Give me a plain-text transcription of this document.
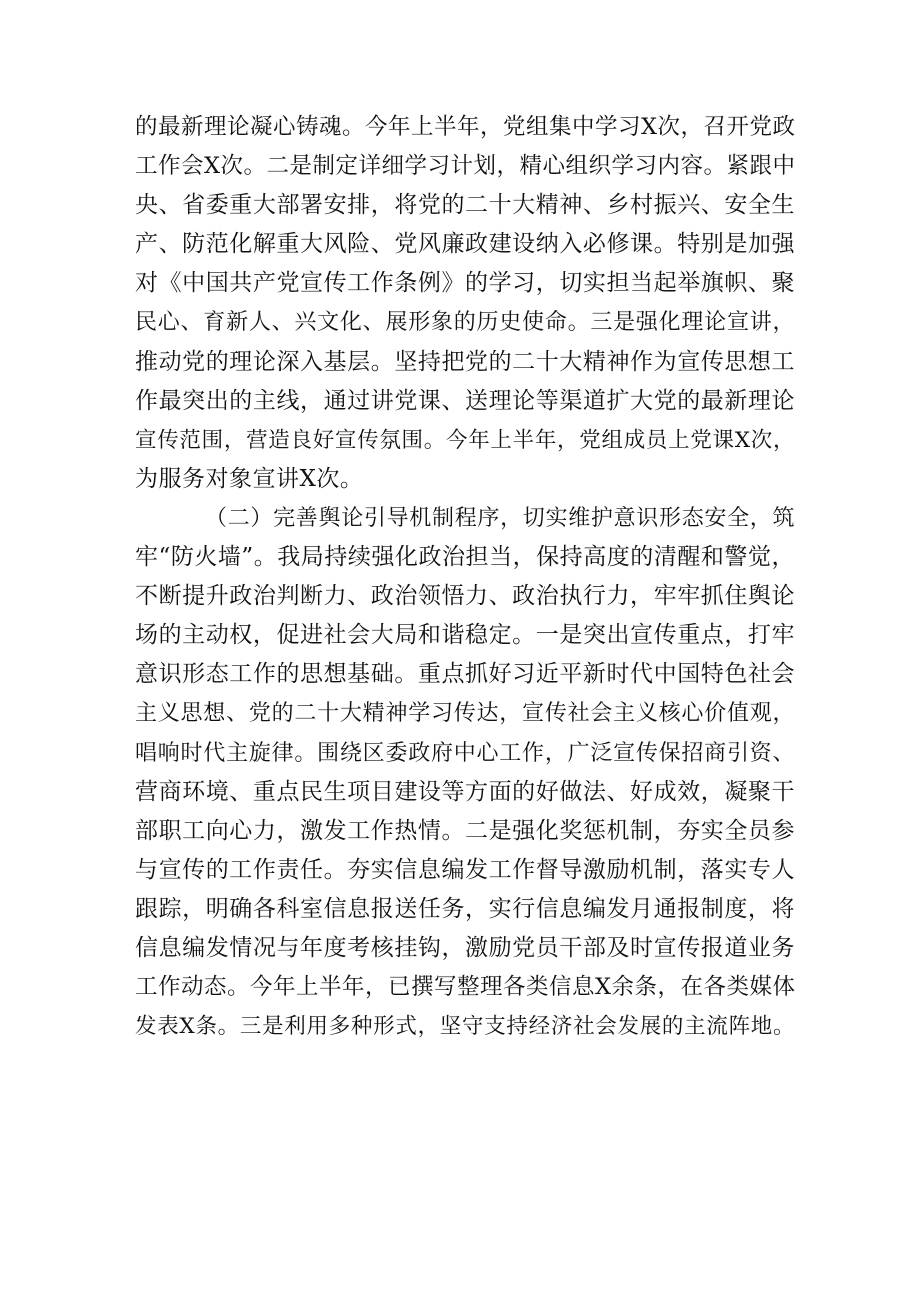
的最新理论凝心铸魂。今年上半年，党组集中学习X次，召开党政
工作会X次。二是制定详细学习计划，精心组织学习内容。紧跟中
央、省委重大部署安排，将党的二十大精神、乡村振兴、安全生
产、防范化解重大风险、党风廉政建设纳入必修课。特别是加强
对《中国共产党宣传工作条例》的学习，切实担当起举旗帜、聚
民心、育新人、兴文化、展形象的历史使命。三是强化理论宣讲，
推动党的理论深入基层。坚持把党的二十大精神作为宣传思想工
作最突出的主线，通过讲党课、送理论等渠道扩大党的最新理论
宣传范围，营造良好宣传氛围。今年上半年，党组成员上党课X次，
为服务对象宣讲X次。
（二）完善舆论引导机制程序，切实维护意识形态安全，筑
牢“防火墙”。我局持续强化政治担当，保持高度的清醒和警觉，
不断提升政治判断力、政治领悟力、政治执行力，牢牢抓住舆论
场的主动权，促进社会大局和谐稳定。一是突出宣传重点，打牢
意识形态工作的思想基础。重点抓好习近平新时代中国特色社会
主义思想、党的二十大精神学习传达，宣传社会主义核心价值观，
唱响时代主旋律。围绕区委政府中心工作，广泛宣传保招商引资、
营商环境、重点民生项目建设等方面的好做法、好成效，凝聚干
部职工向心力，激发工作热情。二是强化奖惩机制，夯实全员参
与宣传的工作责任。夯实信息编发工作督导激励机制，落实专人
跟踪，明确各科室信息报送任务，实行信息编发月通报制度，将
信息编发情况与年度考核挂钩，激励党员干部及时宣传报道业务
工作动态。今年上半年，已撰写整理各类信息X余条，在各类媒体
发表X条。三是利用多种形式，坚守支持经济社会发展的主流阵地。
